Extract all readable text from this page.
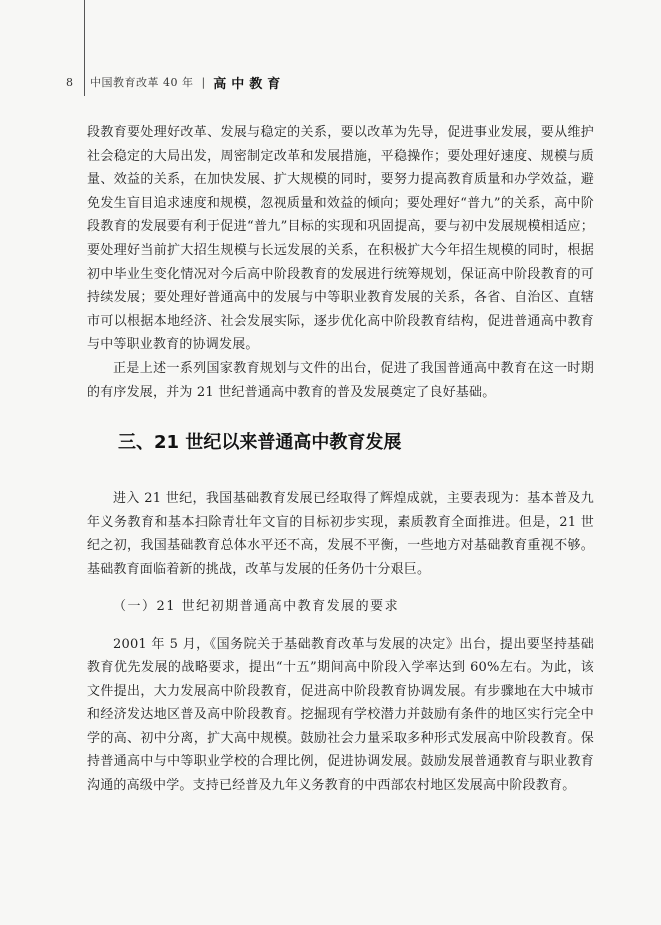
8	中国教育改革 40 年 | 高中教育

段教育要处理好改革、发展与稳定的关系，要以改革为先导，促进事业发展，要从维护社会稳定的大局出发，周密制定改革和发展措施，平稳操作；要处理好速度、规模与质量、效益的关系，在加快发展、扩大规模的同时，要努力提高教育质量和办学效益，避免发生盲目追求速度和规模，忽视质量和效益的倾向；要处理好“普九”的关系，高中阶段教育的发展要有利于促进“普九”目标的实现和巩固提高，要与初中发展规模相适应；要处理好当前扩大招生规模与长远发展的关系，在积极扩大今年招生规模的同时，根据初中毕业生变化情况对今后高中阶段教育的发展进行统筹规划，保证高中阶段教育的可持续发展；要处理好普通高中的发展与中等职业教育发展的关系，各省、自治区、直辖市可以根据本地经济、社会发展实际，逐步优化高中阶段教育结构，促进普通高中教育与中等职业教育的协调发展。

正是上述一系列国家教育规划与文件的出台，促进了我国普通高中教育在这一时期的有序发展，并为 21 世纪普通高中教育的普及发展奠定了良好基础。

三、21 世纪以来普通高中教育发展

进入 21 世纪，我国基础教育发展已经取得了辉煌成就，主要表现为：基本普及九年义务教育和基本扫除青壮年文盲的目标初步实现，素质教育全面推进。但是，21 世纪之初，我国基础教育总体水平还不高，发展不平衡，一些地方对基础教育重视不够。基础教育面临着新的挑战，改革与发展的任务仍十分艰巨。

（一）21 世纪初期普通高中教育发展的要求

2001 年 5 月，《国务院关于基础教育改革与发展的决定》出台，提出要坚持基础教育优先发展的战略要求，提出“十五”期间高中阶段入学率达到 60%左右。为此，该文件提出，大力发展高中阶段教育，促进高中阶段教育协调发展。有步骤地在大中城市和经济发达地区普及高中阶段教育。挖掘现有学校潜力并鼓励有条件的地区实行完全中学的高、初中分离，扩大高中规模。鼓励社会力量采取多种形式发展高中阶段教育。保持普通高中与中等职业学校的合理比例，促进协调发展。鼓励发展普通教育与职业教育沟通的高级中学。支持已经普及九年义务教育的中西部农村地区发展高中阶段教育。
